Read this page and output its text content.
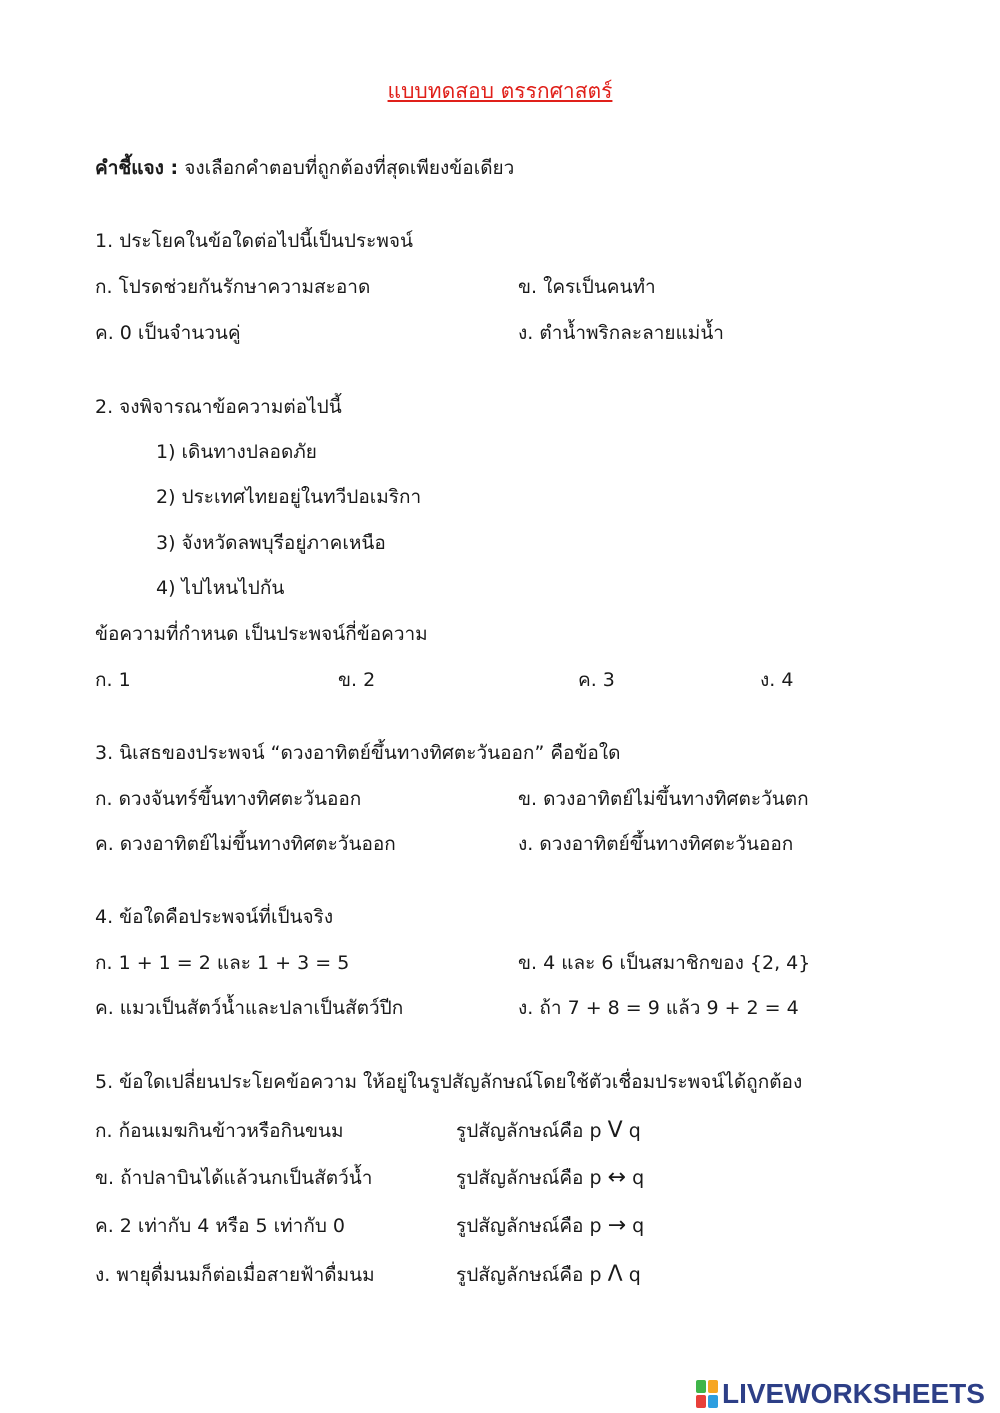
แบบทดสอบ ตรรกศาสตร์
คำชี้แจง : จงเลือกคำตอบที่ถูกต้องที่สุดเพียงข้อเดียว
1. ประโยคในข้อใดต่อไปนี้เป็นประพจน์
ก. โปรดช่วยกันรักษาความสะอาด	ข. ใครเป็นคนทำ
ค. 0 เป็นจำนวนคู่	ง. ตำน้ำพริกละลายแม่น้ำ
2. จงพิจารณาข้อความต่อไปนี้
1) เดินทางปลอดภัย
2) ประเทศไทยอยู่ในทวีปอเมริกา
3) จังหวัดลพบุรีอยู่ภาคเหนือ
4) ไปไหนไปกัน
ข้อความที่กำหนด เป็นประพจน์กี่ข้อความ
ก. 1	ข. 2	ค. 3	ง. 4
3. นิเสธของประพจน์ “ดวงอาทิตย์ขึ้นทางทิศตะวันออก” คือข้อใด
ก. ดวงจันทร์ขึ้นทางทิศตะวันออก	ข. ดวงอาทิตย์ไม่ขึ้นทางทิศตะวันตก
ค. ดวงอาทิตย์ไม่ขึ้นทางทิศตะวันออก	ง. ดวงอาทิตย์ขึ้นทางทิศตะวันออก
4. ข้อใดคือประพจน์ที่เป็นจริง
ก. 1 + 1 = 2 และ 1 + 3 = 5	ข. 4 และ 6 เป็นสมาชิกของ {2, 4}
ค. แมวเป็นสัตว์น้ำและปลาเป็นสัตว์ปีก	ง. ถ้า 7 + 8 = 9 แล้ว 9 + 2 = 4
5. ข้อใดเปลี่ยนประโยคข้อความ ให้อยู่ในรูปสัญลักษณ์โดยใช้ตัวเชื่อมประพจน์ได้ถูกต้อง
ก. ก้อนเมฆกินข้าวหรือกินขนม	รูปสัญลักษณ์คือ p V q
ข. ถ้าปลาบินได้แล้วนกเป็นสัตว์น้ำ	รูปสัญลักษณ์คือ p ↔ q
ค. 2 เท่ากับ 4 หรือ 5 เท่ากับ 0	รูปสัญลักษณ์คือ p → q
ง. พายุดื่มนมก็ต่อเมื่อสายฟ้าดื่มนม	รูปสัญลักษณ์คือ p Λ q
LIVEWORKSHEETS
